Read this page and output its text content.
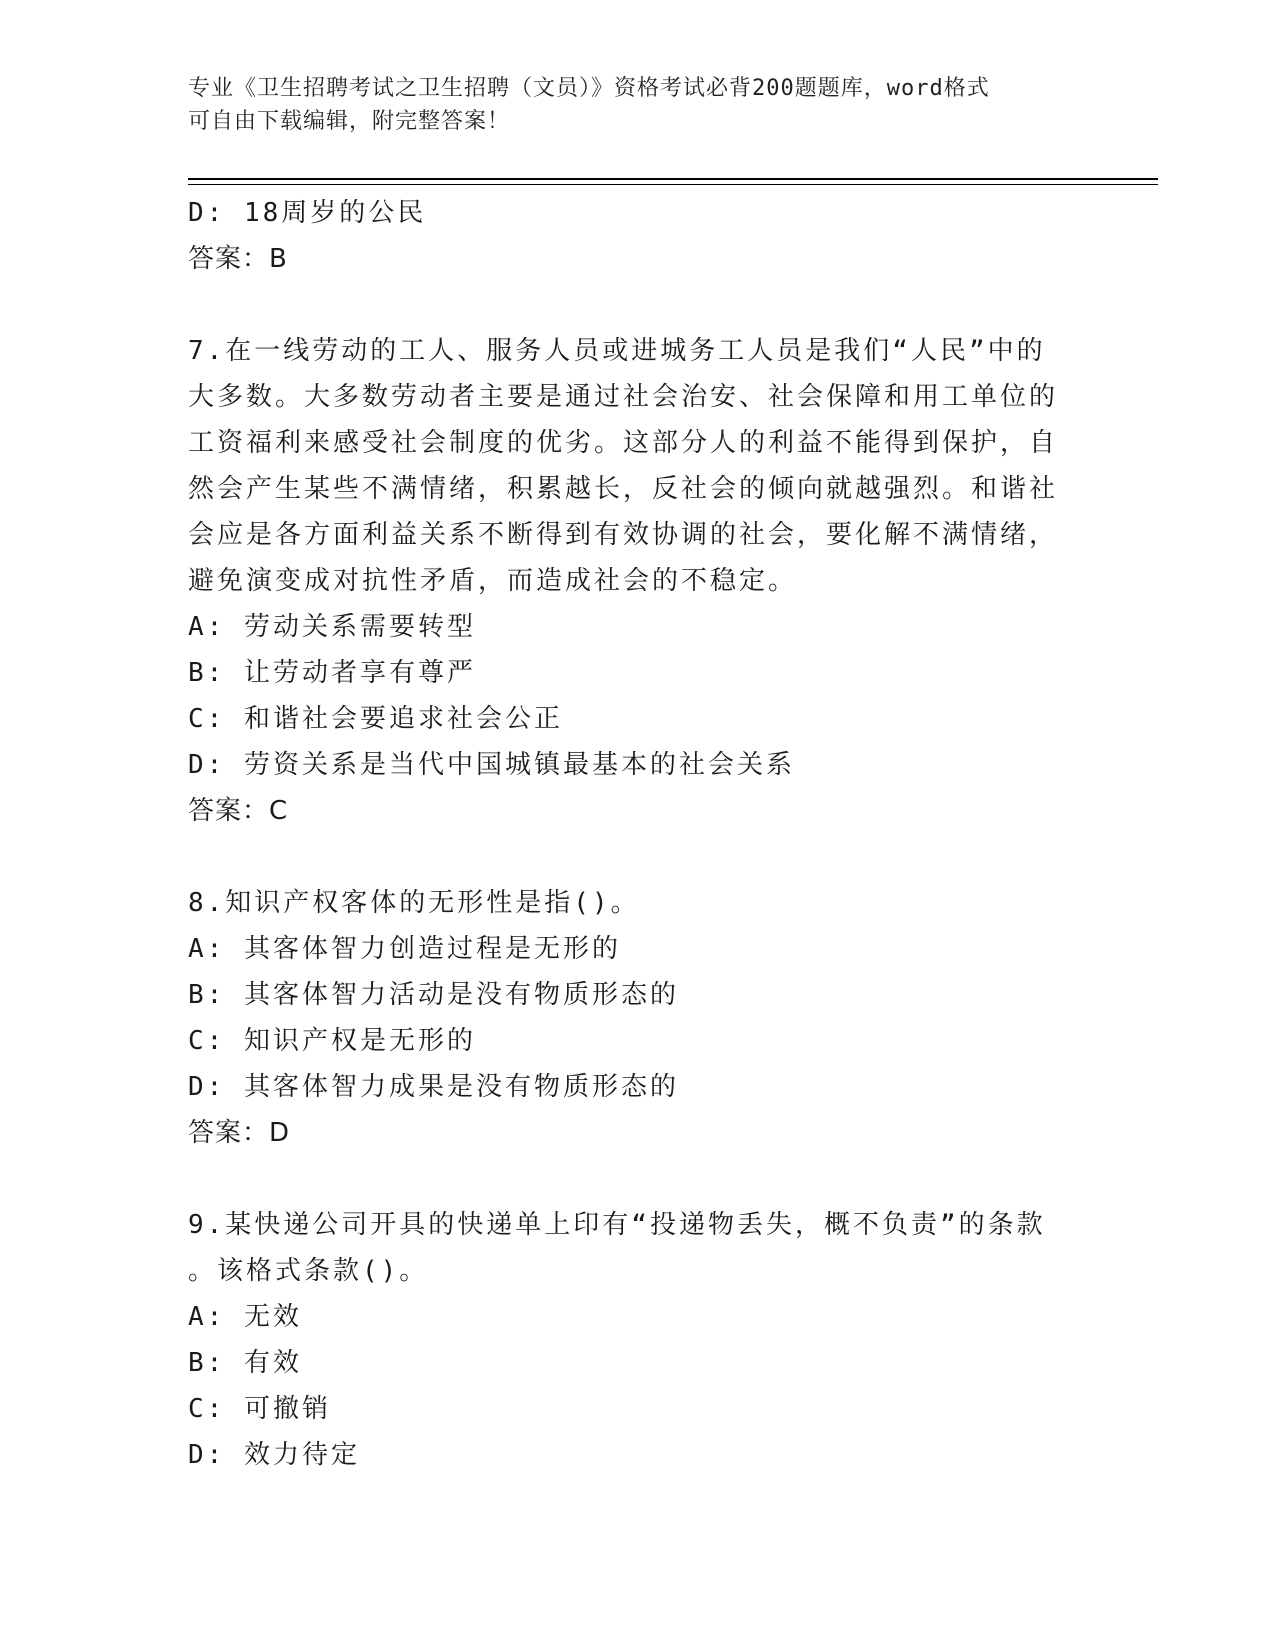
专业《卫生招聘考试之卫生招聘（文员）》资格考试必背200题题库，word格式
可自由下载编辑，附完整答案！
D: 18周岁的公民
答案：B
7.在一线劳动的工人、服务人员或进城务工人员是我们“人民”中的
大多数。大多数劳动者主要是通过社会治安、社会保障和用工单位的
工资福利来感受社会制度的优劣。这部分人的利益不能得到保护，自
然会产生某些不满情绪，积累越长，反社会的倾向就越强烈。和谐社
会应是各方面利益关系不断得到有效协调的社会，要化解不满情绪，
避免演变成对抗性矛盾，而造成社会的不稳定。
A: 劳动关系需要转型
B: 让劳动者享有尊严
C: 和谐社会要追求社会公正
D: 劳资关系是当代中国城镇最基本的社会关系
答案：C
8.知识产权客体的无形性是指()。
A: 其客体智力创造过程是无形的
B: 其客体智力活动是没有物质形态的
C: 知识产权是无形的
D: 其客体智力成果是没有物质形态的
答案：D
9.某快递公司开具的快递单上印有“投递物丢失，概不负责”的条款
。该格式条款()。
A: 无效
B: 有效
C: 可撤销
D: 效力待定
